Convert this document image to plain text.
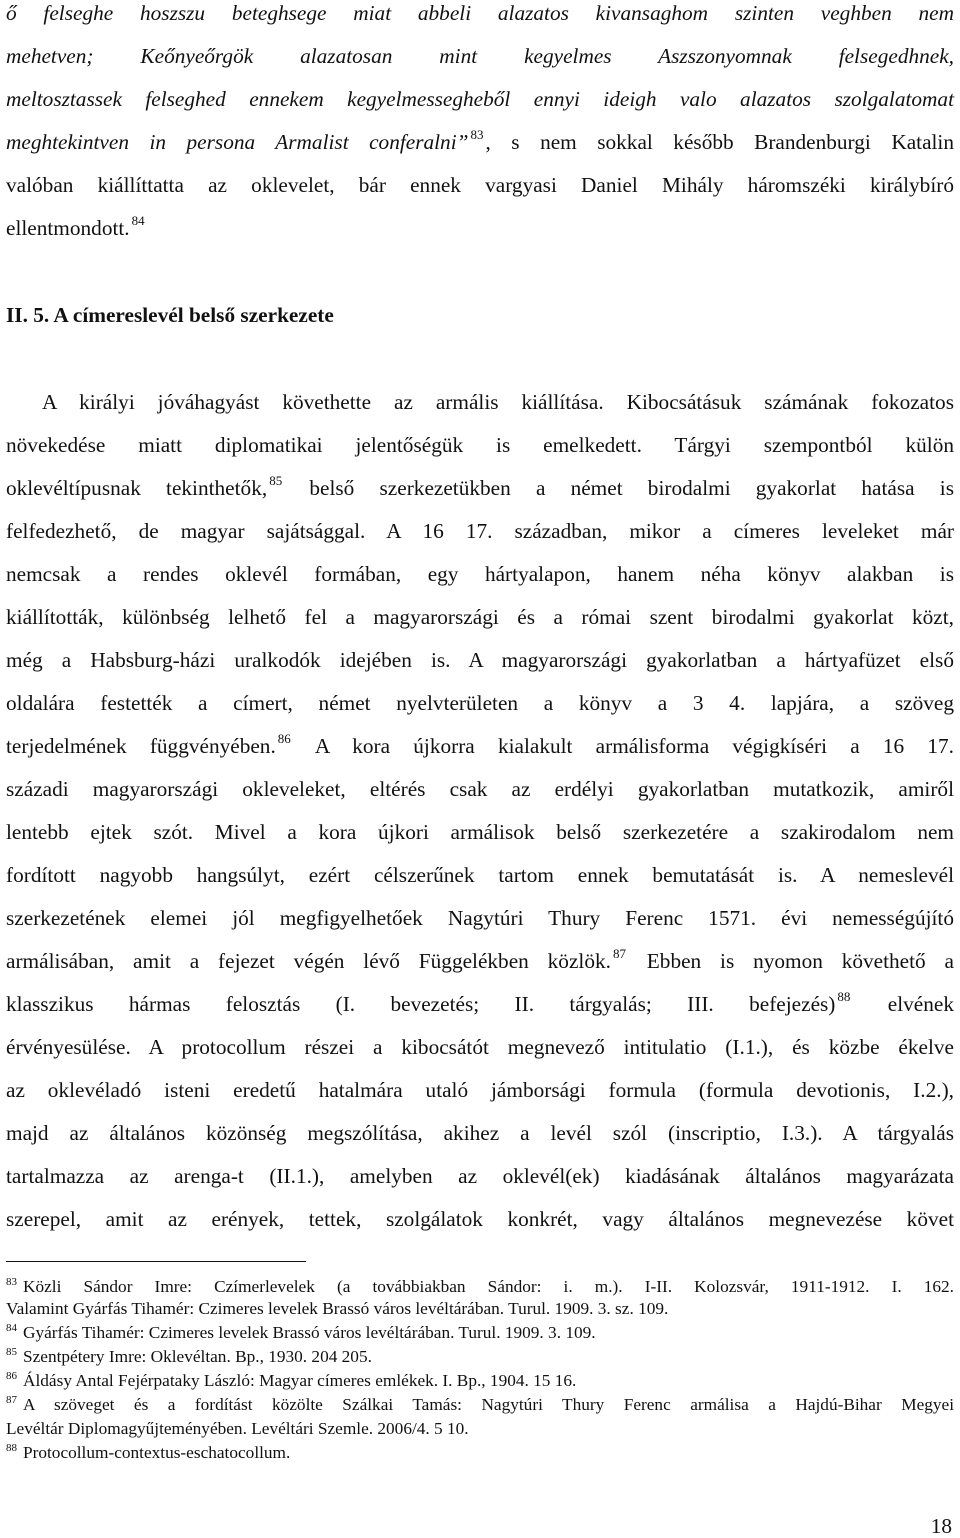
ő felseghe hoszszu beteghsege miat abbeli alazatos kivansaghom szinten veghben nem
mehetven; Keőnyeőrgök alazatosan mint kegyelmes Aszszonyomnak felsegedhnek,
meltosztassek felseghed ennekem kegyelmessegheből ennyi ideigh valo alazatos szolgalatomat
meghtekintven in persona Armalist conferalni” $^{83}$, s nem sokkal később Brandenburgi Katalin
valóban kiállíttatta az oklevelet, bár ennek vargyasi Daniel Mihály háromszéki királybíró
ellentmondott. $^{84}$
II. 5. A címereslevél belső szerkezete
A királyi jóváhagyást követhette az armális kiállítása. Kibocsátásuk számának fokozatos
növekedése miatt diplomatikai jelentőségük is emelkedett. Tárgyi szempontból külön
oklevéltípusnak tekinthetők, $^{85}$ belső szerkezetükben a német birodalmi gyakorlat hatása is
felfedezhető, de magyar sajátsággal. A 16 17. században, mikor a címeres leveleket már
nemcsak a rendes oklevél formában, egy hártyalapon, hanem néha könyv alakban is
kiállították, különbség lelhető fel a magyarországi és a római szent birodalmi gyakorlat közt,
még a Habsburg-házi uralkodók idejében is. A magyarországi gyakorlatban a hártyafüzet első
oldalára festették a címert, német nyelvterületen a könyv a 3 4. lapjára, a szöveg
terjedelmének függvényében. $^{86}$ A kora újkorra kialakult armálisforma végigkíséri a 16 17.
századi magyarországi okleveleket, eltérés csak az erdélyi gyakorlatban mutatkozik, amiről
lentebb ejtek szót. Mivel a kora újkori armálisok belső szerkezetére a szakirodalom nem
fordított nagyobb hangsúlyt, ezért célszerűnek tartom ennek bemutatását is. A nemeslevél
szerkezetének elemei jól megfigyelhetőek Nagytúri Thury Ferenc 1571. évi nemességújító
armálisában, amit a fejezet végén lévő Függelékben közlök. $^{87}$ Ebben is nyomon követhető a
klasszikus hármas felosztás (I. bevezetés; II. tárgyalás; III. befejezés) $^{88}$ elvének
érvényesülése. A protocollum részei a kibocsátót megnevező intitulatio (I.1.), és közbe ékelve
az oklevéladó isteni eredetű hatalmára utaló jámborsági formula (formula devotionis, I.2.),
majd az általános közönség megszólítása, akihez a levél szól (inscriptio, I.3.). A tárgyalás
tartalmazza az arenga-t (II.1.), amelyben az oklevél(ek) kiadásának általános magyarázata
szerepel, amit az erények, tettek, szolgálatok konkrét, vagy általános megnevezése követ
$^{83}$ Közli Sándor Imre: Czímerlevelek (a továbbiakban Sándor: i. m.). I-II. Kolozsvár, 1911-1912. I. 162.
Valamint Gyárfás Tihamér: Czimeres levelek Brassó város levéltárában. Turul. 1909. 3. sz. 109.
$^{84}$ Gyárfás Tihamér: Czimeres levelek Brassó város levéltárában. Turul. 1909. 3. 109.
$^{85}$ Szentpétery Imre: Oklevéltan. Bp., 1930. 204 205.
$^{86}$ Áldásy Antal Fejérpataky László: Magyar címeres emlékek. I. Bp., 1904. 15 16.
$^{87}$ A szöveget és a fordítást közölte Szálkai Tamás: Nagytúri Thury Ferenc armálisa a Hajdú-Bihar Megyei
Levéltár Diplomagyűjteményében. Levéltári Szemle. 2006/4. 5 10.
$^{88}$ Protocollum-contextus-eschatocollum.
18
